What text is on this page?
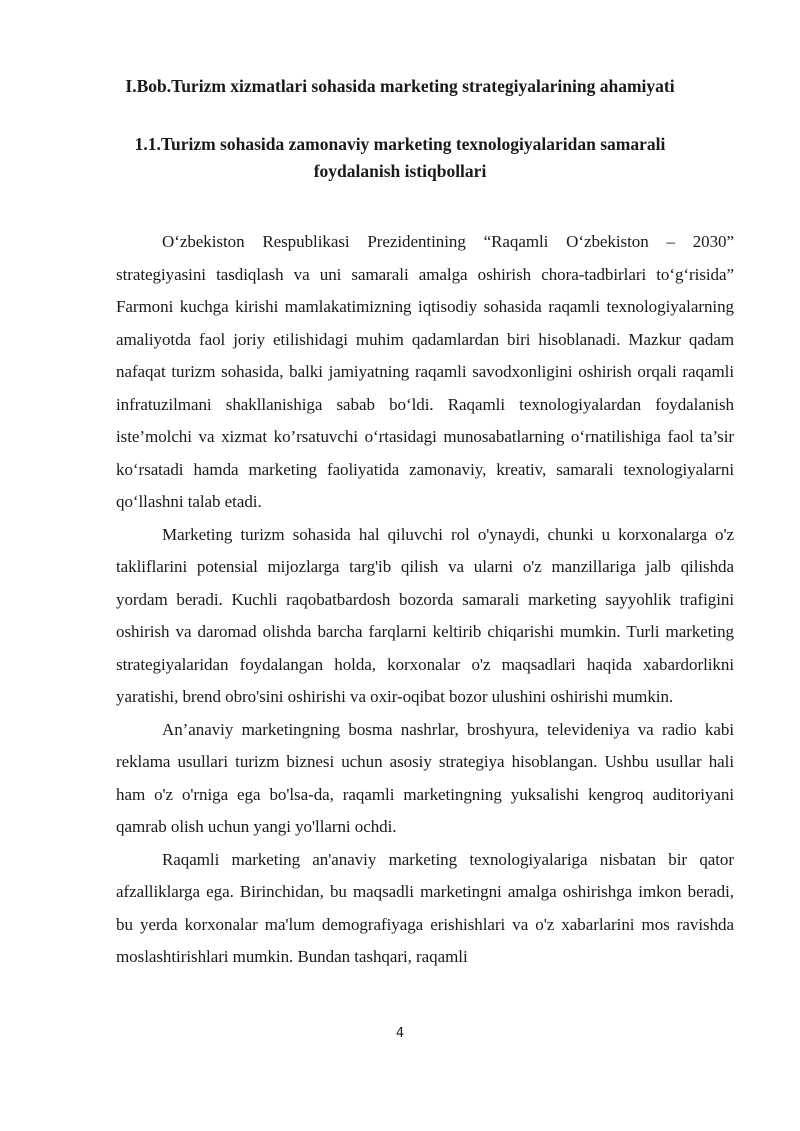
I.Bob.Turizm xizmatlari sohasida marketing strategiyalarining ahamiyati
1.1.Turizm sohasida zamonaviy marketing texnologiyalaridan samarali foydalanish istiqbollari

O‘zbekiston Respublikasi Prezidentining “Raqamli O‘zbekiston – 2030” strategiyasini tasdiqlash va uni samarali amalga oshirish chora-tadbirlari to‘g‘risida” Farmoni kuchga kirishi mamlakatimizning iqtisodiy sohasida raqamli texnologiyalarning amaliyotda faol joriy etilishidagi muhim qadamlardan biri hisoblanadi. Mazkur qadam nafaqat turizm sohasida, balki jamiyatning raqamli savodxonligini oshirish orqali raqamli infratuzilmani shakllanishiga sabab bo‘ldi. Raqamli texnologiyalardan foydalanish iste’molchi va xizmat ko’rsatuvchi o‘rtasidagi munosabatlarning o‘rnatilishiga faol ta’sir ko‘rsatadi hamda marketing faoliyatida zamonaviy, kreativ, samarali texnologiyalarni qo‘llashni talab etadi.

Marketing turizm sohasida hal qiluvchi rol o'ynaydi, chunki u korxonalarga o'z takliflarini potensial mijozlarga targ'ib qilish va ularni o'z manzillariga jalb qilishda yordam beradi. Kuchli raqobatbardosh bozorda samarali marketing sayyohlik trafigini oshirish va daromad olishda barcha farqlarni keltirib chiqarishi mumkin. Turli marketing strategiyalaridan foydalangan holda, korxonalar o'z maqsadlari haqida xabardorlikni yaratishi, brend obro'sini oshirishi va oxir-oqibat bozor ulushini oshirishi mumkin.

An’anaviy marketingning bosma nashrlar, broshyura, televideniya va radio kabi reklama usullari turizm biznesi uchun asosiy strategiya hisoblangan. Ushbu usullar hali ham o'z o'rniga ega bo'lsa-da, raqamli marketingning yuksalishi kengroq auditoriyani qamrab olish uchun yangi yo'llarni ochdi.

Raqamli marketing an'anaviy marketing texnologiyalariga nisbatan bir qator afzalliklarga ega. Birinchidan, bu maqsadli marketingni amalga oshirishga imkon beradi, bu yerda korxonalar ma'lum demografiyaga erishishlari va o'z xabarlarini mos ravishda moslashtirishlari mumkin. Bundan tashqari, raqamli

4
